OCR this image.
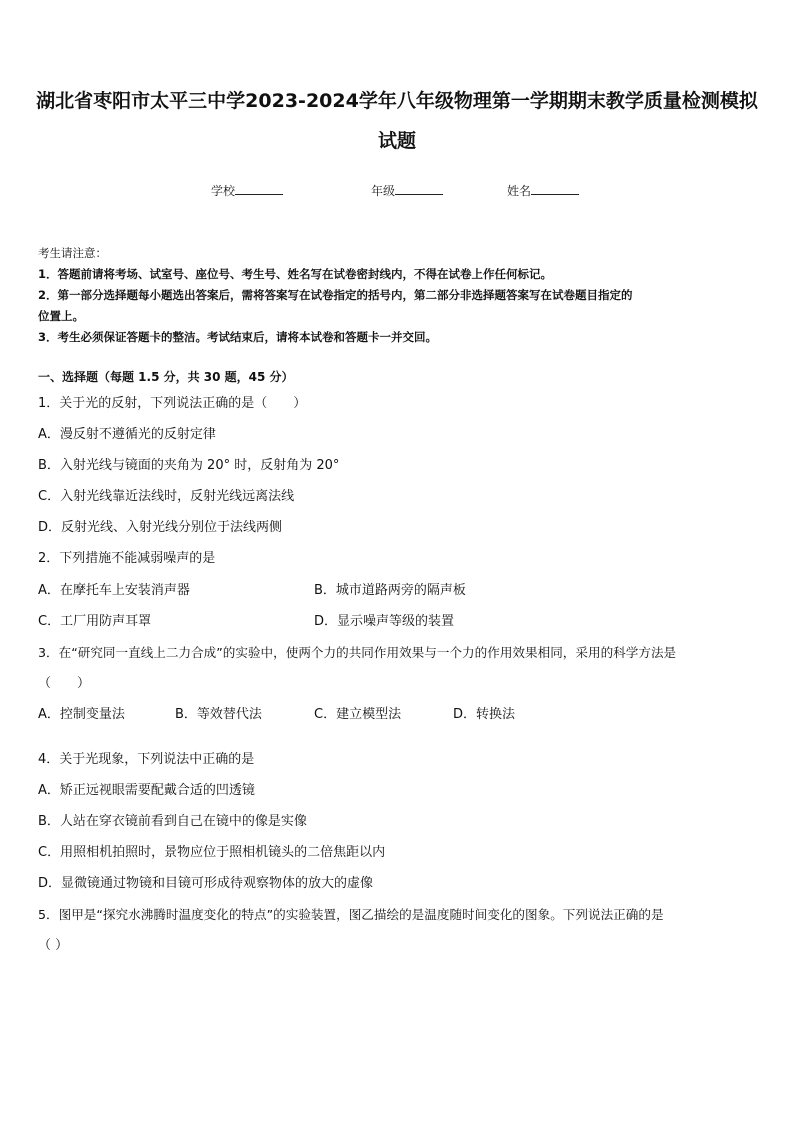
湖北省枣阳市太平三中学2023-2024学年八年级物理第一学期期末教学质量检测模拟
试题
学校	年级	姓名
考生请注意：
1．答题前请将考场、试室号、座位号、考生号、姓名写在试卷密封线内，不得在试卷上作任何标记。
2．第一部分选择题每小题选出答案后，需将答案写在试卷指定的括号内，第二部分非选择题答案写在试卷题目指定的
位置上。
3．考生必须保证答题卡的整洁。考试结束后，请将本试卷和答题卡一并交回。
一、选择题（每题 1.5 分，共 30 题，45 分）
1．关于光的反射，下列说法正确的是（　　）
A．漫反射不遵循光的反射定律
B．入射光线与镜面的夹角为 20° 时，反射角为 20°
C．入射光线靠近法线时，反射光线远离法线
D．反射光线、入射光线分别位于法线两侧
2．下列措施不能减弱噪声的是
A．在摩托车上安装消声器	B．城市道路两旁的隔声板
C．工厂用防声耳罩	D．显示噪声等级的装置
3．在“研究同一直线上二力合成”的实验中，使两个力的共同作用效果与一个力的作用效果相同，采用的科学方法是
（　　）
A．控制变量法	B．等效替代法	C．建立模型法	D．转换法
4．关于光现象，下列说法中正确的是
A．矫正远视眼需要配戴合适的凹透镜
B．人站在穿衣镜前看到自己在镜中的像是实像
C．用照相机拍照时，景物应位于照相机镜头的二倍焦距以内
D．显微镜通过物镜和目镜可形成待观察物体的放大的虚像
5．图甲是“探究水沸腾时温度变化的特点”的实验装置，图乙描绘的是温度随时间变化的图象。下列说法正确的是
（ ）
